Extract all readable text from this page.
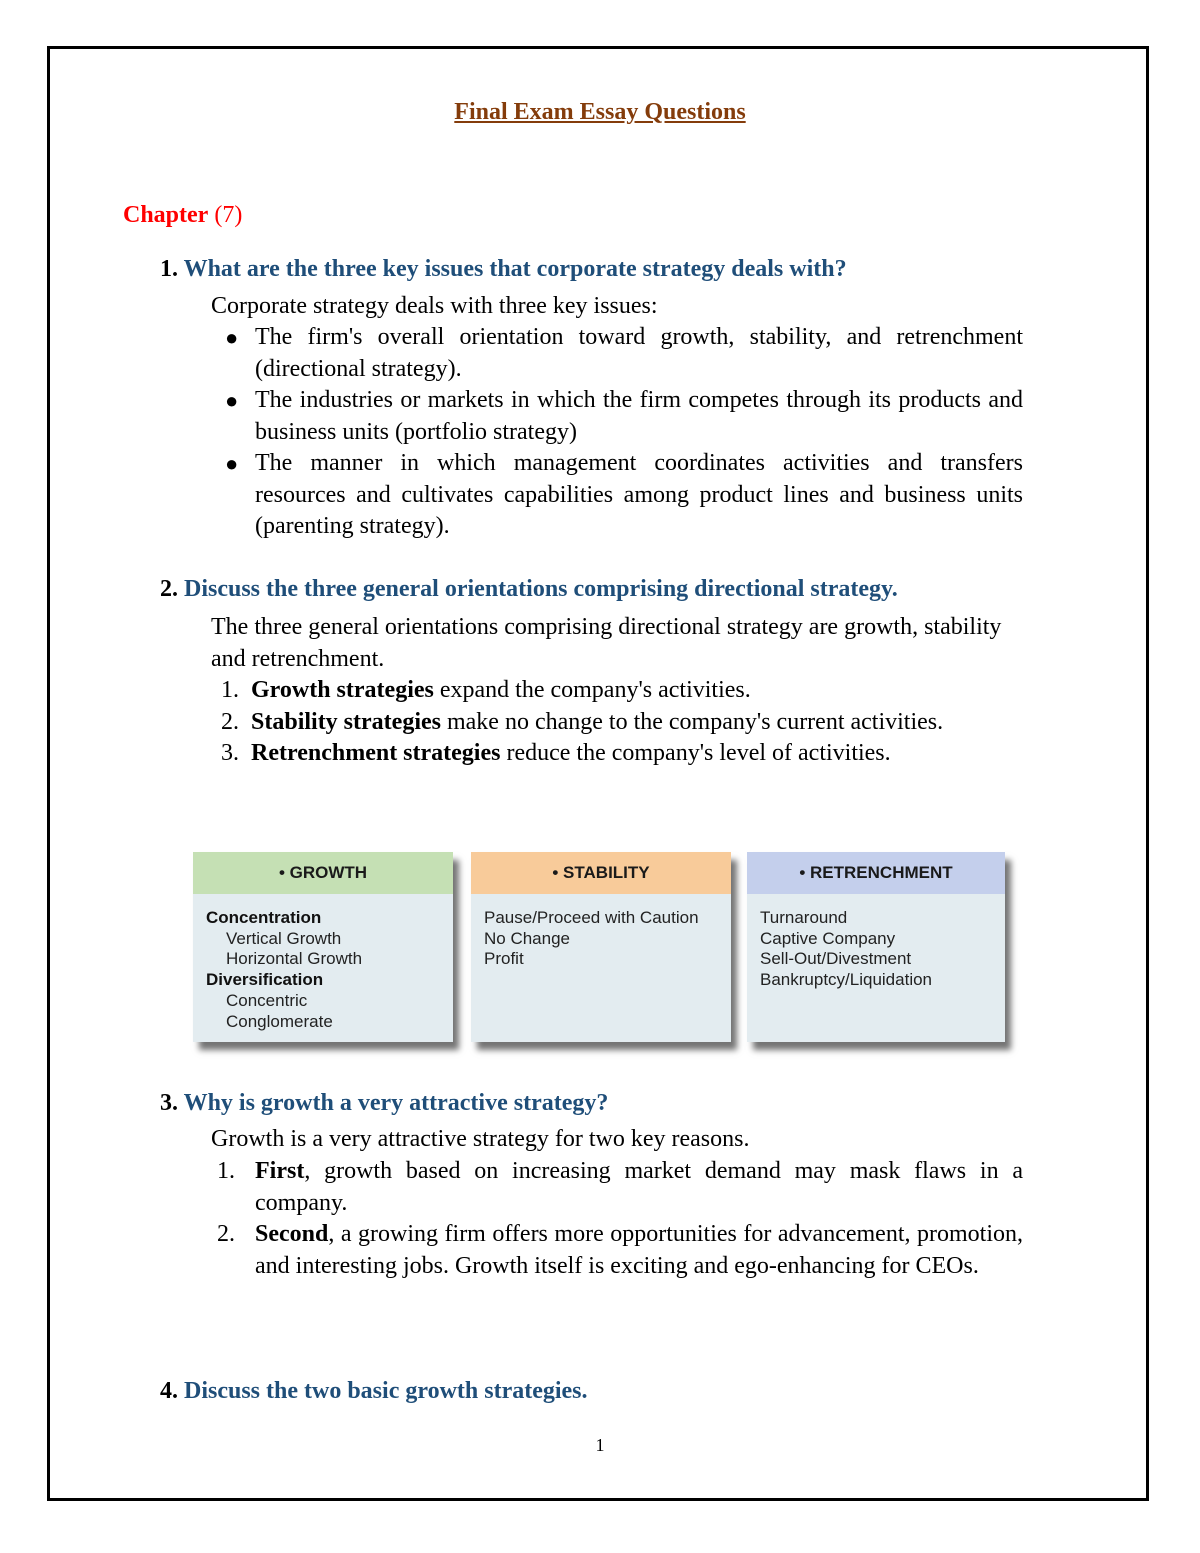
Final Exam Essay Questions
Chapter (7)
1. What are the three key issues that corporate strategy deals with?
Corporate strategy deals with three key issues:
● The firm's overall orientation toward growth, stability, and retrenchment (directional strategy).
● The industries or markets in which the firm competes through its products and business units (portfolio strategy)
● The manner in which management coordinates activities and transfers resources and cultivates capabilities among product lines and business units (parenting strategy).
2. Discuss the three general orientations comprising directional strategy.
The three general orientations comprising directional strategy are growth, stability and retrenchment.
1. Growth strategies expand the company's activities.
2. Stability strategies make no change to the company's current activities.
3. Retrenchment strategies reduce the company's level of activities.
• GROWTH
Concentration
Vertical Growth
Horizontal Growth
Diversification
Concentric
Conglomerate
• STABILITY
Pause/Proceed with Caution
No Change
Profit
• RETRENCHMENT
Turnaround
Captive Company
Sell-Out/Divestment
Bankruptcy/Liquidation
3. Why is growth a very attractive strategy?
Growth is a very attractive strategy for two key reasons.
1. First, growth based on increasing market demand may mask flaws in a company.
2. Second, a growing firm offers more opportunities for advancement, promotion, and interesting jobs. Growth itself is exciting and ego-enhancing for CEOs.
4. Discuss the two basic growth strategies.
1
